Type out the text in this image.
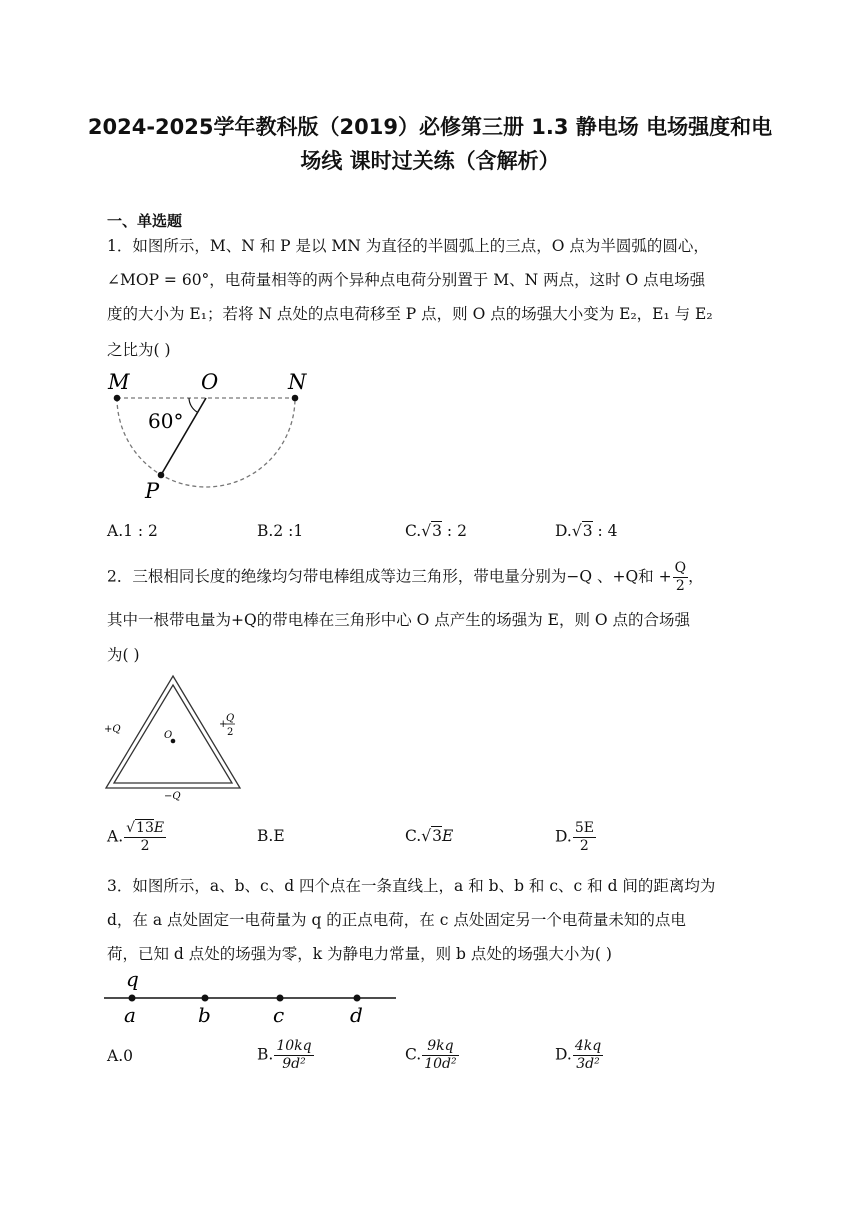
2024-2025学年教科版（2019）必修第三册 1.3 静电场 电场强度和电
场线 课时过关练（含解析）
一、单选题
1．如图所示，M、N 和 P 是以 MN 为直径的半圆弧上的三点，O 点为半圆弧的圆心，
∠MOP = 60°，电荷量相等的两个异种点电荷分别置于 M、N 两点，这时 O 点电场强
度的大小为 E₁；若将 N 点处的点电荷移至 P 点，则 O 点的场强大小变为 E₂，E₁ 与 E₂
之比为( )
M	O	N
P
60°
A.1 : 2	B.2 :1	C.√3 : 2	D.√3 : 4
2．三根相同长度的绝缘均匀带电棒组成等边三角形，带电量分别为−Q 、+Q和 + $\frac{Q}{2}$ ，
其中一根带电量为+Q的带电棒在三角形中心 O 点产生的场强为 E，则 O 点的合场强
为( )
O
+Q	+
Q
2
−Q
A. $\frac{√13E}{2}$	B.E	C.√3E	D. $\frac{5E}{2}$
3．如图所示，a、b、c、d 四个点在一条直线上，a 和 b、b 和 c、c 和 d 间的距离均为
d，在 a 点处固定一电荷量为 q 的正点电荷，在 c 点处固定另一个电荷量未知的点电
荷，已知 d 点处的场强为零，k 为静电力常量，则 b 点处的场强大小为( )
q
a	b	c	d
A.0	B. $\frac{10kq}{\text{9d²}}$	C. $\frac{9kq}{\text{10d²}}$	D. $\frac{4kq}{\text{3d²}}$
